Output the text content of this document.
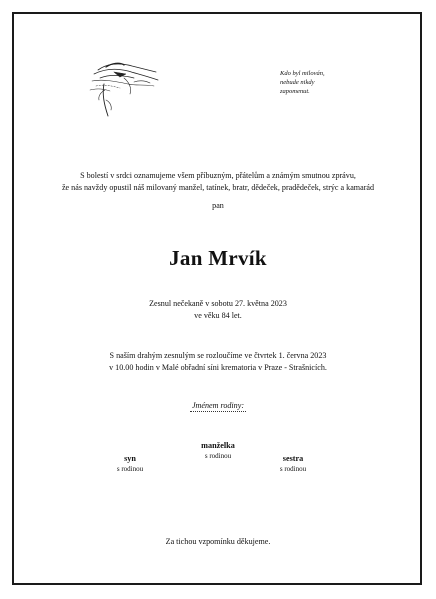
Kdo byl milován,
nebude nikdy
zapomenut.
S bolestí v srdci oznamujeme všem příbuzným, přátelům a známým smutnou zprávu,
že nás navždy opustil náš milovaný manžel, tatínek, bratr, dědeček, pradědeček, strýc a kamarád
pan
Jan Mrvík
Zesnul nečekaně v sobotu 27. května 2023
ve věku 84 let.
S naším drahým zesnulým se rozloučíme ve čtvrtek 1. června 2023
v 10.00 hodin v Malé obřadní síni krematoria v Praze - Strašnicích.
Jménem rodiny:
manželka
s rodinou
syn
s rodinou
sestra
s rodinou
Za tichou vzpomínku děkujeme.
